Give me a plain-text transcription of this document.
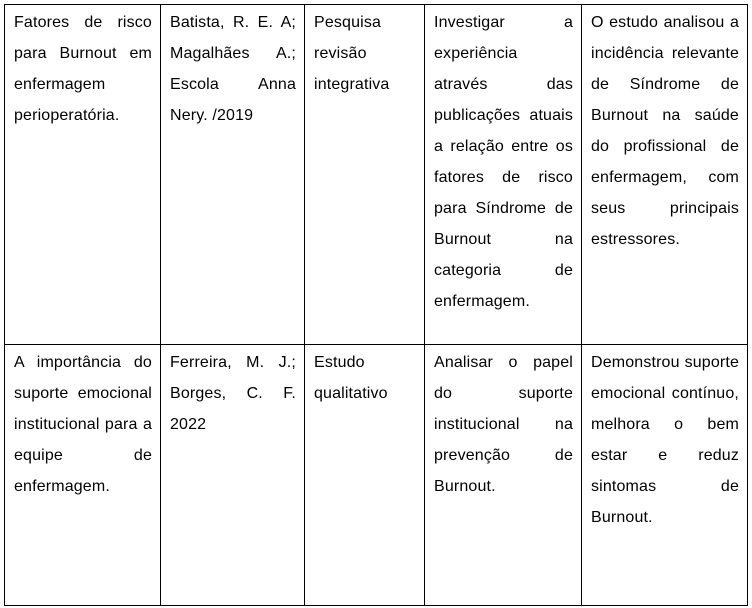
Fatores de risco para Burnout em enfermagem perioperatória.	Batista, R. E. A; Magalhães A.; Escola Anna Nery. /2019	Pesquisa revisão integrativa	Investigar a experiência através das publicações atuais a relação entre os fatores de risco para Síndrome de Burnout na categoria de enfermagem.	O estudo analisou a incidência relevante de Síndrome de Burnout na saúde do profissional de enfermagem, com seus principais estressores.
A importância do suporte emocional institucional para a equipe de enfermagem.	Ferreira, M. J.; Borges, C. F. 2022	Estudo qualitativo	Analisar o papel do suporte institucional na prevenção de Burnout.	Demonstrou suporte emocional contínuo, melhora o bem estar e reduz sintomas de Burnout.
